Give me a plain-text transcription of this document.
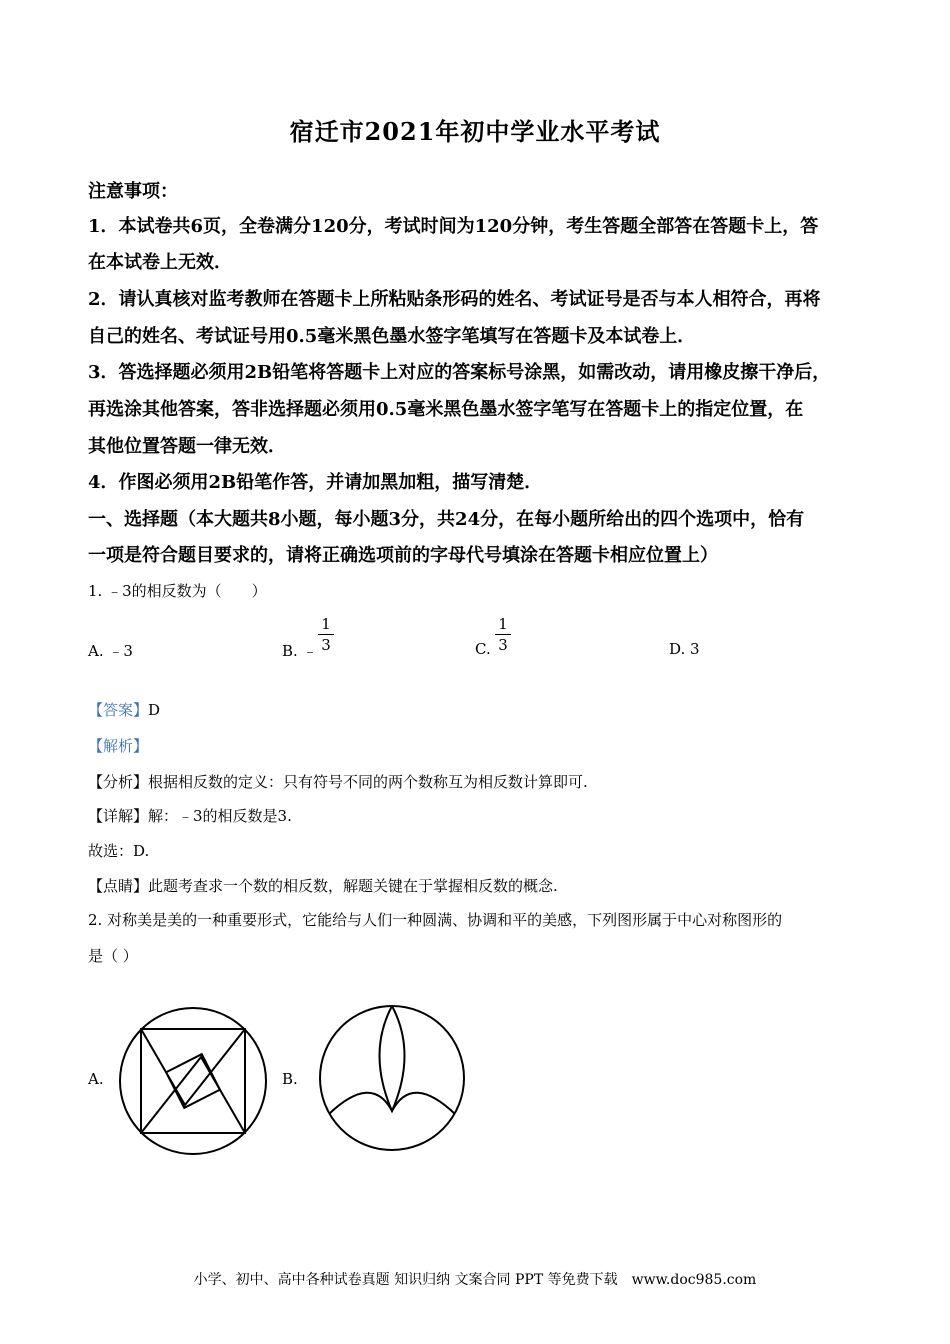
宿迁市2021年初中学业水平考试
注意事项：
1．本试卷共6页，全卷满分120分，考试时间为120分钟，考生答题全部答在答题卡上，答
在本试卷上无效．
2．请认真核对监考教师在答题卡上所粘贴条形码的姓名、考试证号是否与本人相符合，再将
自己的姓名、考试证号用0.5毫米黑色墨水签字笔填写在答题卡及本试卷上．
3．答选择题必须用2B铅笔将答题卡上对应的答案标号涂黑，如需改动，请用橡皮擦干净后，
再选涂其他答案，答非选择题必须用0.5毫米黑色墨水签字笔写在答题卡上的指定位置，在
其他位置答题一律无效．
4．作图必须用2B铅笔作答，并请加黑加粗，描写清楚．
一、选择题（本大题共8小题，每小题3分，共24分，在每小题所给出的四个选项中，恰有
一项是符合题目要求的，请将正确选项前的字母代号填涂在答题卡相应位置上）
1. ﹣3的相反数为（　　）
A. ﹣3	B. ﹣
1
3	C.
1
3	D. 3
【答案】D
【解析】
【分析】根据相反数的定义：只有符号不同的两个数称互为相反数计算即可.
【详解】解：﹣3的相反数是3.
故选：D.
【点睛】此题考查求一个数的相反数，解题关键在于掌握相反数的概念.
2. 对称美是美的一种重要形式，它能给与人们一种圆满、协调和平的美感，下列图形属于中心对称图形的
是（ ）
A.	B.
小学、初中、高中各种试卷真题 知识归纳 文案合同 PPT 等免费下载　www.doc985.com
